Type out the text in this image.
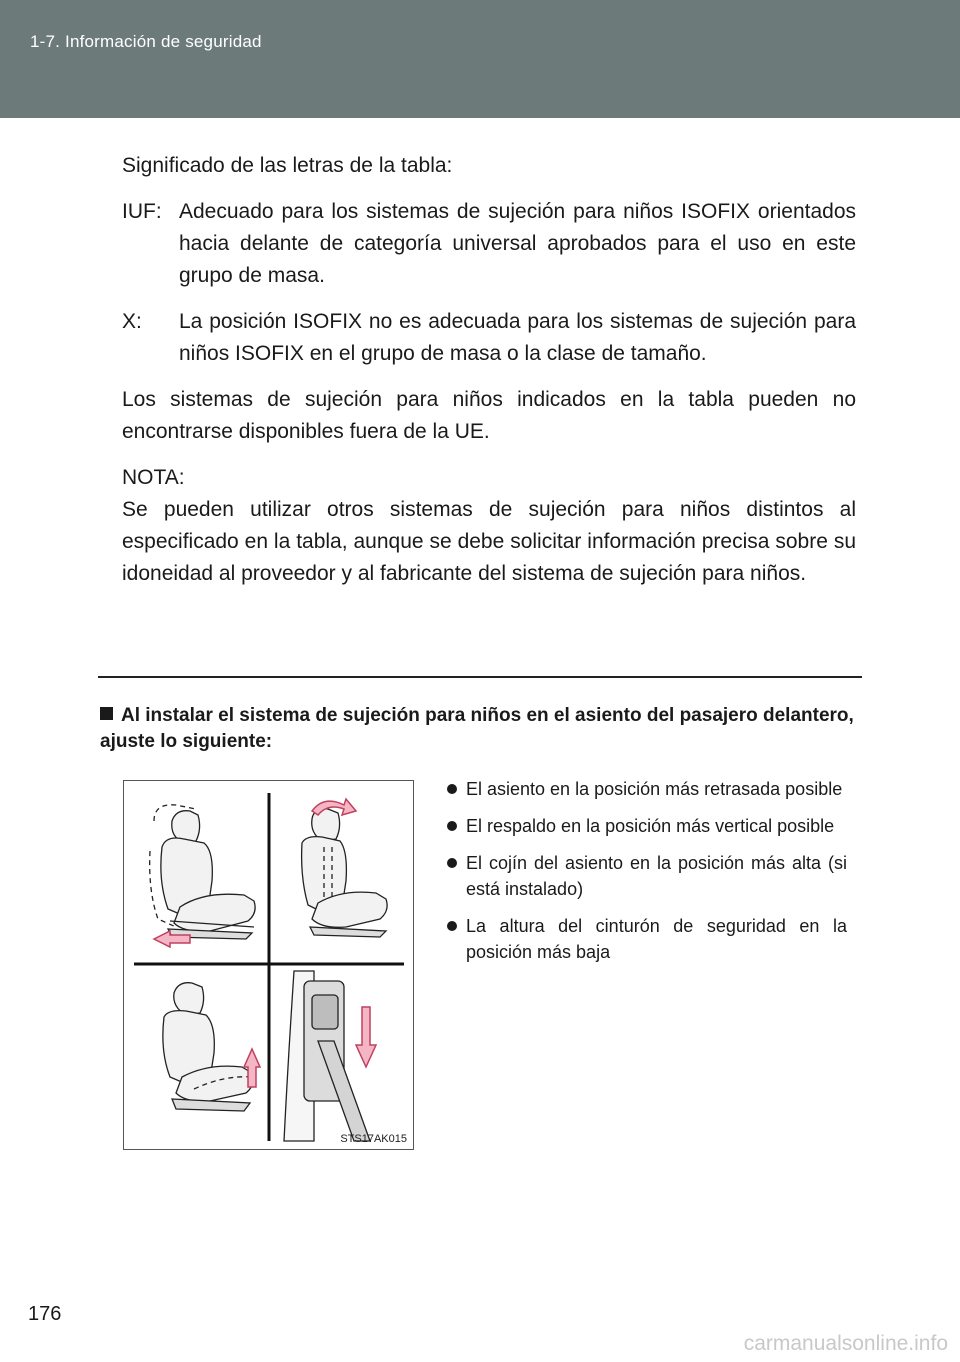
1-7. Información de seguridad

Significado de las letras de la tabla:

IUF: Adecuado para los sistemas de sujeción para niños ISOFIX orientados hacia delante de categoría universal aprobados para el uso en este grupo de masa.
X:	La posición ISOFIX no es adecuada para los sistemas de sujeción para niños ISOFIX en el grupo de masa o la clase de tamaño.

Los sistemas de sujeción para niños indicados en la tabla pueden no encontrarse disponibles fuera de la UE.

NOTA:

Se pueden utilizar otros sistemas de sujeción para niños distintos al especificado en la tabla, aunque se debe solicitar información precisa sobre su idoneidad al proveedor y al fabricante del sistema de sujeción para niños.

Al instalar el sistema de sujeción para niños en el asiento del pasajero delantero, ajuste lo siguiente:
STS17AK015
El asiento en la posición más retrasada posible
El respaldo en la posición más vertical posible
El cojín del asiento en la posición más alta (si está instalado)
La altura del cinturón de seguridad en la posición más baja
176
carmanualsonline.info
